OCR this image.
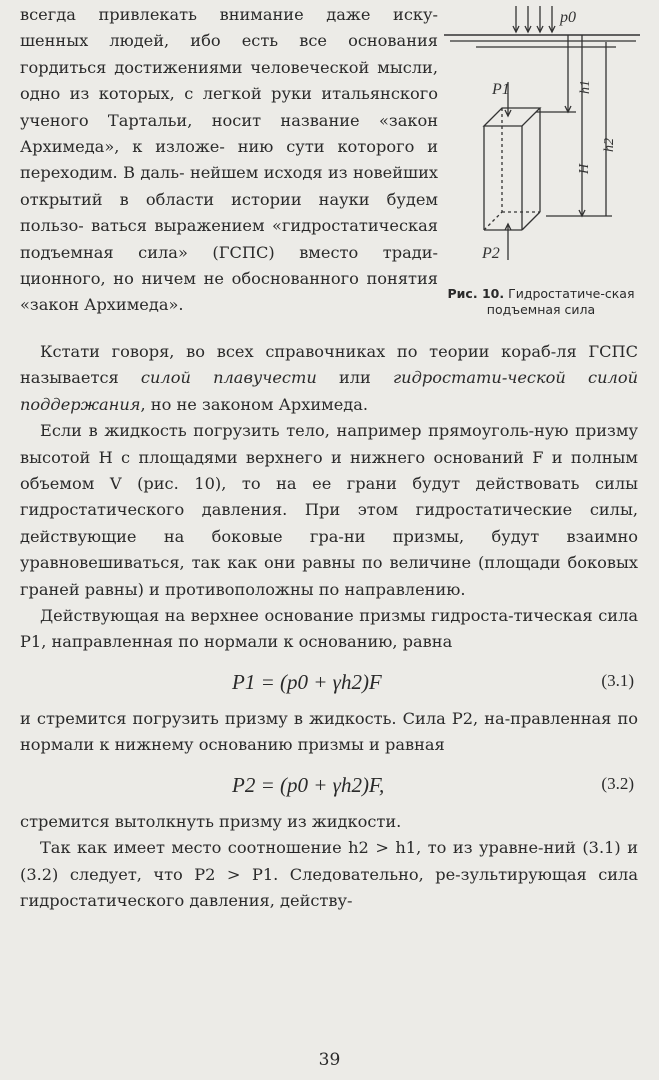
всегда привлекать внимание даже иску- шенных людей, ибо есть все основания гордиться достижениями человеческой мысли, одно из которых, с легкой руки итальянского ученого Тартальи, носит название «закон Архимеда», к изложе- нию сути которого и переходим. В даль- нейшем исходя из новейших открытий в области истории науки будем пользо- ваться выражением «гидростатическая подъемная сила» (ГСПС) вместо тради- ционного, но ничем не обоснованного понятия «закон Архимеда».
p0
P1
P2
h1
h2
H
Рис. 10. Гидростатиче-ская подъемная сила

Кстати говоря, во всех справочниках по теории кораб-ля ГСПС называется силой плавучести или гидростати-ческой силой поддержания, но не законом Архимеда.

Если в жидкость погрузить тело, например прямоуголь-ную призму высотой H с площадями верхнего и нижнего оснований F и полным объемом V (рис. 10), то на ее грани будут действовать силы гидростатического давления. При этом гидростатические силы, действующие на боковые гра-ни призмы, будут взаимно уравновешиваться, так как они равны по величине (площади боковых граней равны) и противоположны по направлению.

Действующая на верхнее основание призмы гидроста-тическая сила P1, направленная по нормали к основанию, равна

P1 = (p0 + γh2)F	(3.1)

и стремится погрузить призму в жидкость. Сила P2, на-правленная по нормали к нижнему основанию призмы и равная

P2 = (p0 + γh2)F,	(3.2)

стремится вытолкнуть призму из жидкости.

Так как имеет место соотношение h2 > h1, то из уравне-ний (3.1) и (3.2) следует, что P2 > P1. Следовательно, ре-зультирующая сила гидростатического давления, действу-

39
